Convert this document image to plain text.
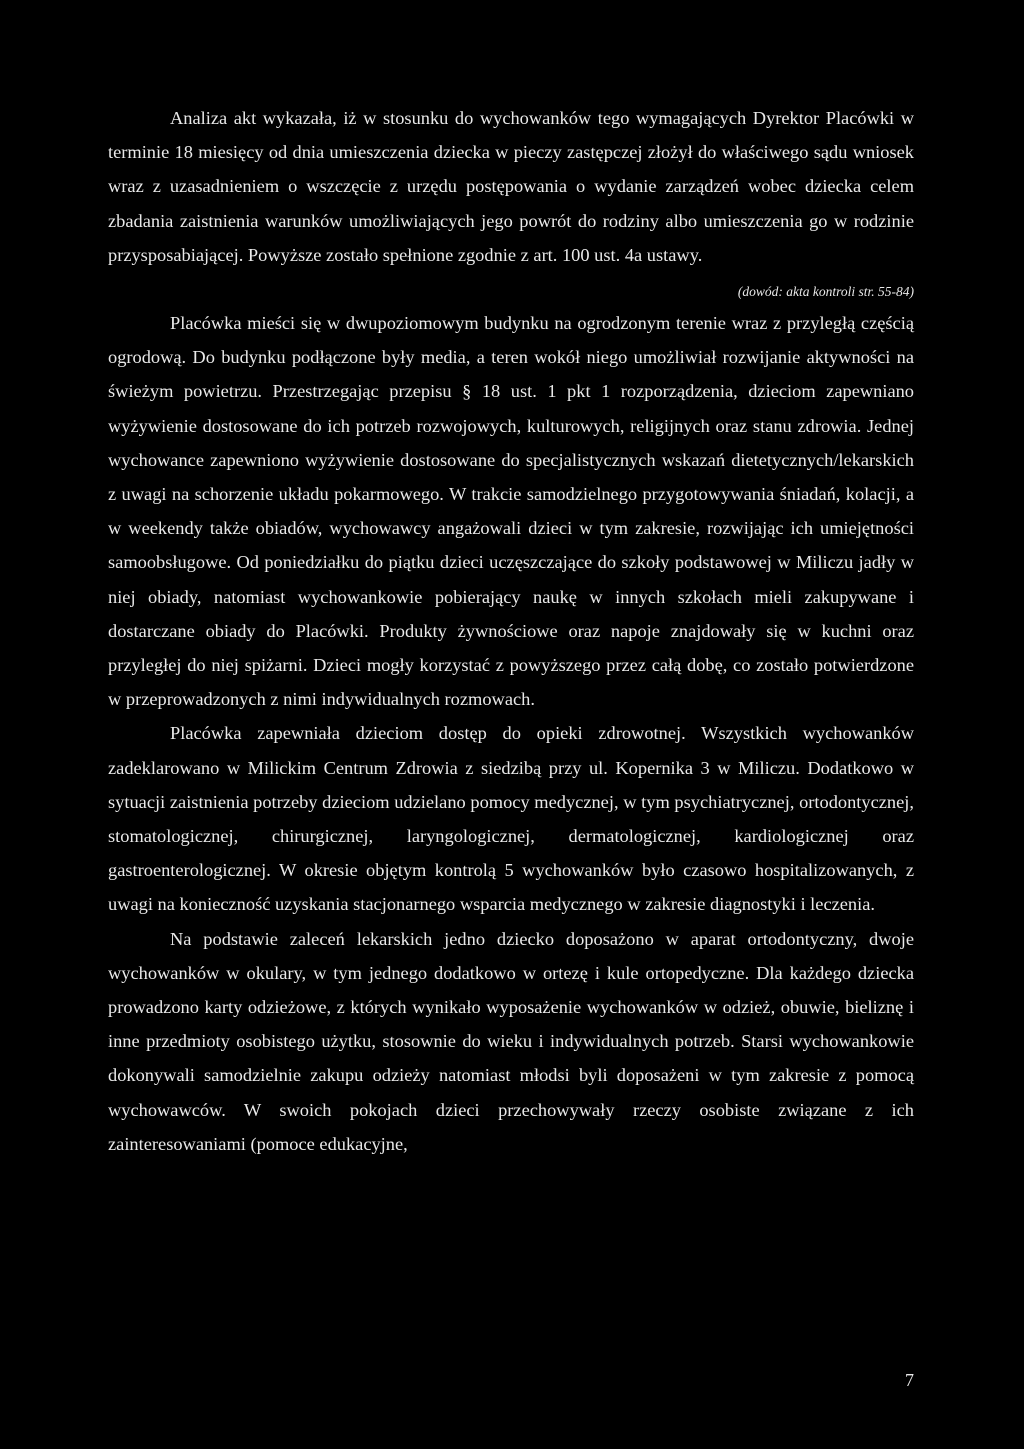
Analiza akt wykazała, iż w stosunku do wychowanków tego wymagających Dyrektor Placówki w terminie 18 miesięcy od dnia umieszczenia dziecka w pieczy zastępczej złożył do właściwego sądu wniosek wraz z uzasadnieniem o wszczęcie z urzędu postępowania o wydanie zarządzeń wobec dziecka celem zbadania zaistnienia warunków umożliwiających jego powrót do rodziny albo umieszczenia go w rodzinie przysposabiającej. Powyższe zostało spełnione zgodnie z art. 100 ust. 4a ustawy.

(dowód: akta kontroli str. 55-84)

Placówka mieści się w dwupoziomowym budynku na ogrodzonym terenie wraz z przyległą częścią ogrodową. Do budynku podłączone były media, a teren wokół niego umożliwiał rozwijanie aktywności na świeżym powietrzu. Przestrzegając przepisu § 18 ust. 1 pkt 1 rozporządzenia, dzieciom zapewniano wyżywienie dostosowane do ich potrzeb rozwojowych, kulturowych, religijnych oraz stanu zdrowia. Jednej wychowance zapewniono wyżywienie dostosowane do specjalistycznych wskazań dietetycznych/lekarskich z uwagi na schorzenie układu pokarmowego. W trakcie samodzielnego przygotowywania śniadań, kolacji, a w weekendy także obiadów, wychowawcy angażowali dzieci w tym zakresie, rozwijając ich umiejętności samoobsługowe. Od poniedziałku do piątku dzieci uczęszczające do szkoły podstawowej w Miliczu jadły w niej obiady, natomiast wychowankowie pobierający naukę w innych szkołach mieli zakupywane i dostarczane obiady do Placówki. Produkty żywnościowe oraz napoje znajdowały się w kuchni oraz przyległej do niej spiżarni. Dzieci mogły korzystać z powyższego przez całą dobę, co zostało potwierdzone w przeprowadzonych z nimi indywidualnych rozmowach.

Placówka zapewniała dzieciom dostęp do opieki zdrowotnej. Wszystkich wychowanków zadeklarowano w Milickim Centrum Zdrowia z siedzibą przy ul. Kopernika 3 w Miliczu. Dodatkowo w sytuacji zaistnienia potrzeby dzieciom udzielano pomocy medycznej, w tym psychiatrycznej, ortodontycznej, stomatologicznej, chirurgicznej, laryngologicznej, dermatologicznej, kardiologicznej oraz gastroenterologicznej. W okresie objętym kontrolą 5 wychowanków było czasowo hospitalizowanych, z uwagi na konieczność uzyskania stacjonarnego wsparcia medycznego w zakresie diagnostyki i leczenia.

Na podstawie zaleceń lekarskich jedno dziecko doposażono w aparat ortodontyczny, dwoje wychowanków w okulary, w tym jednego dodatkowo w ortezę i kule ortopedyczne. Dla każdego dziecka prowadzono karty odzieżowe, z których wynikało wyposażenie wychowanków w odzież, obuwie, bieliznę i inne przedmioty osobistego użytku, stosownie do wieku i indywidualnych potrzeb. Starsi wychowankowie dokonywali samodzielnie zakupu odzieży natomiast młodsi byli doposażeni w tym zakresie z pomocą wychowawców. W swoich pokojach dzieci przechowywały rzeczy osobiste związane z ich zainteresowaniami (pomoce edukacyjne,

7
